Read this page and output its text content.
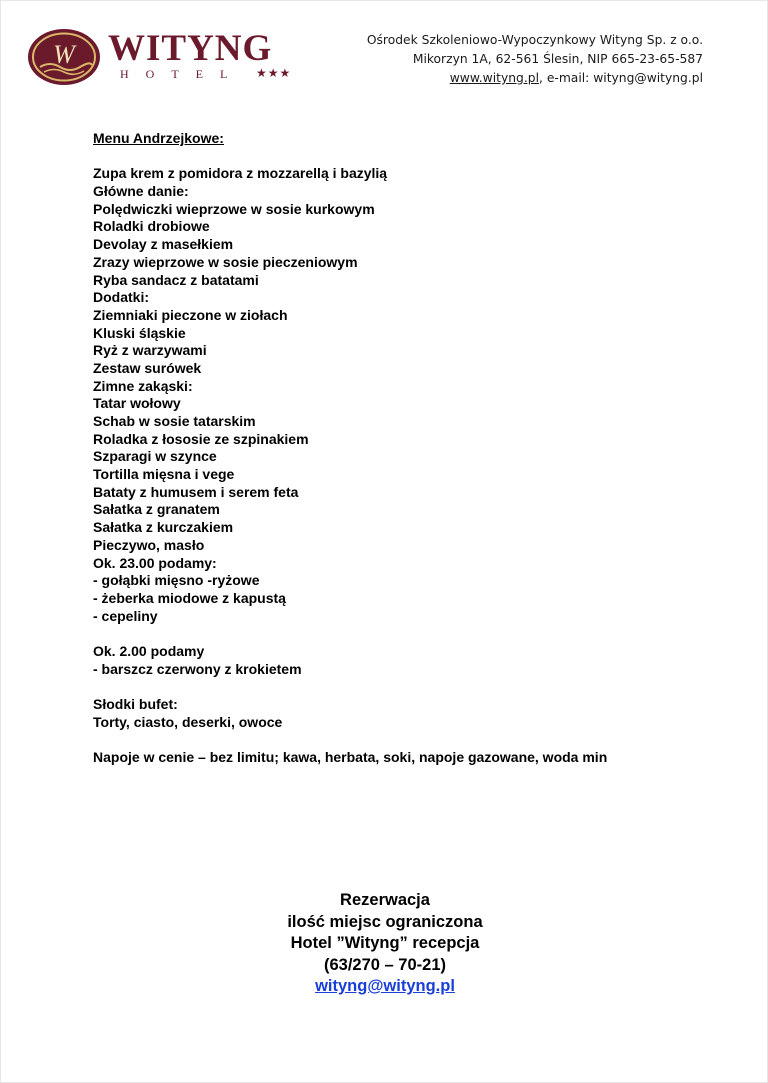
W WITYNG
HOTEL ★★★
Ośrodek Szkoleniowo-Wypoczynkowy Wityng Sp. z o.o.
Mikorzyn 1A, 62-561 Ślesin, NIP 665-23-65-587
www.wityng.pl, e-mail: wityng@wityng.pl
Menu Andrzejkowe:
Zupa krem z pomidora z mozzarellą i bazylią
Główne danie:
Polędwiczki wieprzowe w sosie kurkowym
Roladki drobiowe
Devolay z masełkiem
Zrazy wieprzowe w sosie pieczeniowym
Ryba sandacz z batatami
Dodatki:
Ziemniaki pieczone w ziołach
Kluski śląskie
Ryż z warzywami
Zestaw surówek
Zimne zakąski:
Tatar wołowy
Schab w sosie tatarskim
Roladka z łososie ze szpinakiem
Szparagi w szynce
Tortilla mięsna i vege
Bataty z humusem i serem feta
Sałatka z granatem
Sałatka z kurczakiem
Pieczywo, masło
Ok. 23.00 podamy:
- gołąbki mięsno -ryżowe
- żeberka miodowe z kapustą
- cepeliny
Ok. 2.00 podamy
- barszcz czerwony z krokietem
Słodki bufet:
Torty, ciasto, deserki, owoce
Napoje w cenie – bez limitu; kawa, herbata, soki, napoje gazowane, woda min
Rezerwacja
ilość miejsc ograniczona
Hotel ”Wityng” recepcja
(63/270 – 70-21)
wityng@wityng.pl
